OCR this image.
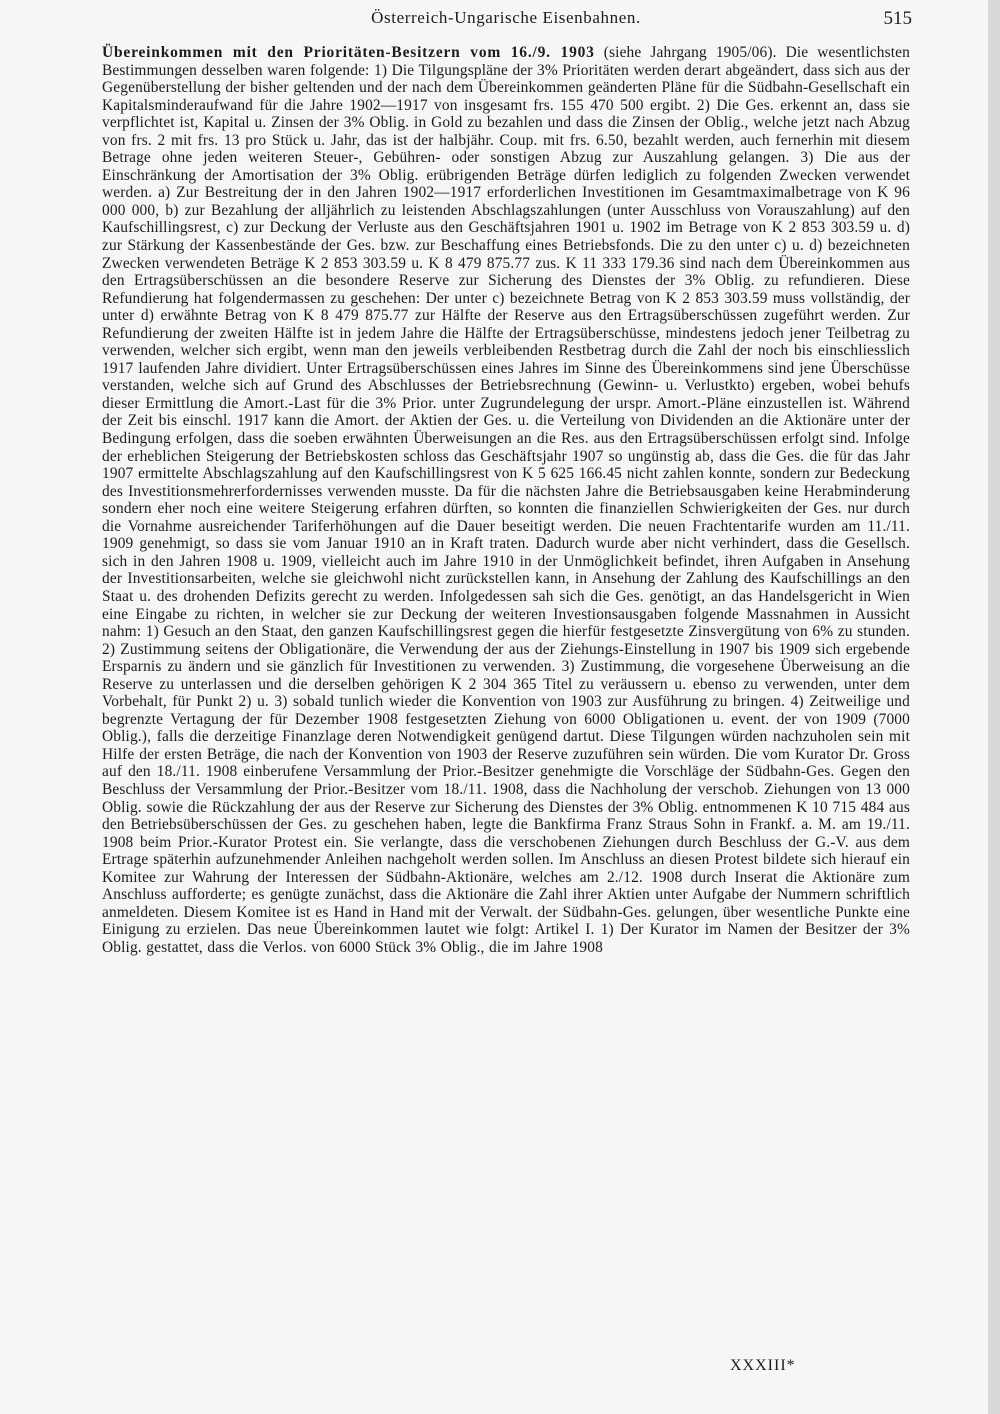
Österreich-Ungarische Eisenbahnen.	515

Übereinkommen mit den Prioritäten-Besitzern vom 16./9. 1903 (siehe Jahrgang 1905/06). Die wesentlichsten Bestimmungen desselben waren folgende: 1) Die Tilgungspläne der 3% Prioritäten werden derart abgeändert, dass sich aus der Gegenüberstellung der bisher geltenden und der nach dem Übereinkommen geänderten Pläne für die Südbahn-Gesellschaft ein Kapitalsminderaufwand für die Jahre 1902—1917 von insgesamt frs. 155 470 500 ergibt. 2) Die Ges. erkennt an, dass sie verpflichtet ist, Kapital u. Zinsen der 3% Oblig. in Gold zu bezahlen und dass die Zinsen der Oblig., welche jetzt nach Abzug von frs. 2 mit frs. 13 pro Stück u. Jahr, das ist der halbjähr. Coup. mit frs. 6.50, bezahlt werden, auch fernerhin mit diesem Betrage ohne jeden weiteren Steuer-, Gebühren- oder sonstigen Abzug zur Auszahlung gelangen. 3) Die aus der Einschränkung der Amortisation der 3% Oblig. erübrigenden Beträge dürfen lediglich zu folgenden Zwecken verwendet werden. a) Zur Bestreitung der in den Jahren 1902—1917 erforderlichen Investitionen im Gesamtmaximalbetrage von K 96 000 000, b) zur Bezahlung der alljährlich zu leistenden Abschlagszahlungen (unter Ausschluss von Vorauszahlung) auf den Kaufschillingsrest, c) zur Deckung der Verluste aus den Geschäftsjahren 1901 u. 1902 im Betrage von K 2 853 303.59 u. d) zur Stärkung der Kassenbestände der Ges. bzw. zur Beschaffung eines Betriebsfonds. Die zu den unter c) u. d) bezeichneten Zwecken verwendeten Beträge K 2 853 303.59 u. K 8 479 875.77 zus. K 11 333 179.36 sind nach dem Übereinkommen aus den Ertragsüberschüssen an die besondere Reserve zur Sicherung des Dienstes der 3% Oblig. zu refundieren. Diese Refundierung hat folgendermassen zu geschehen: Der unter c) bezeichnete Betrag von K 2 853 303.59 muss vollständig, der unter d) erwähnte Betrag von K 8 479 875.77 zur Hälfte der Reserve aus den Ertragsüberschüssen zugeführt werden. Zur Refundierung der zweiten Hälfte ist in jedem Jahre die Hälfte der Ertragsüberschüsse, mindestens jedoch jener Teilbetrag zu verwenden, welcher sich ergibt, wenn man den jeweils verbleibenden Restbetrag durch die Zahl der noch bis einschliesslich 1917 laufenden Jahre dividiert. Unter Ertragsüberschüssen eines Jahres im Sinne des Übereinkommens sind jene Überschüsse verstanden, welche sich auf Grund des Abschlusses der Betriebsrechnung (Gewinn- u. Verlustkto) ergeben, wobei behufs dieser Ermittlung die Amort.-Last für die 3% Prior. unter Zugrundelegung der urspr. Amort.-Pläne einzustellen ist. Während der Zeit bis einschl. 1917 kann die Amort. der Aktien der Ges. u. die Verteilung von Dividenden an die Aktionäre unter der Bedingung erfolgen, dass die soeben erwähnten Überweisungen an die Res. aus den Ertragsüberschüssen erfolgt sind. Infolge der erheblichen Steigerung der Betriebskosten schloss das Geschäftsjahr 1907 so ungünstig ab, dass die Ges. die für das Jahr 1907 ermittelte Abschlagszahlung auf den Kaufschillingsrest von K 5 625 166.45 nicht zahlen konnte, sondern zur Bedeckung des Investitionsmehrerfordernisses verwenden musste. Da für die nächsten Jahre die Betriebsausgaben keine Herabminderung sondern eher noch eine weitere Steigerung erfahren dürften, so konnten die finanziellen Schwierigkeiten der Ges. nur durch die Vornahme ausreichender Tariferhöhungen auf die Dauer beseitigt werden. Die neuen Frachtentarife wurden am 11./11. 1909 genehmigt, so dass sie vom Januar 1910 an in Kraft traten. Dadurch wurde aber nicht verhindert, dass die Gesellsch. sich in den Jahren 1908 u. 1909, vielleicht auch im Jahre 1910 in der Unmöglichkeit befindet, ihren Aufgaben in Ansehung der Investitionsarbeiten, welche sie gleichwohl nicht zurückstellen kann, in Ansehung der Zahlung des Kaufschillings an den Staat u. des drohenden Defizits gerecht zu werden. Infolgedessen sah sich die Ges. genötigt, an das Handelsgericht in Wien eine Eingabe zu richten, in welcher sie zur Deckung der weiteren Investionsausgaben folgende Massnahmen in Aussicht nahm: 1) Gesuch an den Staat, den ganzen Kaufschillingsrest gegen die hierfür festgesetzte Zinsvergütung von 6% zu stunden. 2) Zustimmung seitens der Obligationäre, die Verwendung der aus der Ziehungs-Einstellung in 1907 bis 1909 sich ergebende Ersparnis zu ändern und sie gänzlich für Investitionen zu verwenden. 3) Zustimmung, die vorgesehene Überweisung an die Reserve zu unterlassen und die derselben gehörigen K 2 304 365 Titel zu veräussern u. ebenso zu verwenden, unter dem Vorbehalt, für Punkt 2) u. 3) sobald tunlich wieder die Konvention von 1903 zur Ausführung zu bringen. 4) Zeitweilige und begrenzte Vertagung der für Dezember 1908 festgesetzten Ziehung von 6000 Obligationen u. event. der von 1909 (7000 Oblig.), falls die derzeitige Finanzlage deren Notwendigkeit genügend dartut. Diese Tilgungen würden nachzuholen sein mit Hilfe der ersten Beträge, die nach der Konvention von 1903 der Reserve zuzuführen sein würden. Die vom Kurator Dr. Gross auf den 18./11. 1908 einberufene Versammlung der Prior.-Besitzer genehmigte die Vorschläge der Südbahn-Ges. Gegen den Beschluss der Versammlung der Prior.-Besitzer vom 18./11. 1908, dass die Nachholung der verschob. Ziehungen von 13 000 Oblig. sowie die Rückzahlung der aus der Reserve zur Sicherung des Dienstes der 3% Oblig. entnommenen K 10 715 484 aus den Betriebsüberschüssen der Ges. zu geschehen haben, legte die Bankfirma Franz Straus Sohn in Frankf. a. M. am 19./11. 1908 beim Prior.-Kurator Protest ein. Sie verlangte, dass die verschobenen Ziehungen durch Beschluss der G.-V. aus dem Ertrage späterhin aufzunehmender Anleihen nachgeholt werden sollen. Im Anschluss an diesen Protest bildete sich hierauf ein Komitee zur Wahrung der Interessen der Südbahn-Aktionäre, welches am 2./12. 1908 durch Inserat die Aktionäre zum Anschluss aufforderte; es genügte zunächst, dass die Aktionäre die Zahl ihrer Aktien unter Aufgabe der Nummern schriftlich anmeldeten. Diesem Komitee ist es Hand in Hand mit der Verwalt. der Südbahn-Ges. gelungen, über wesentliche Punkte eine Einigung zu erzielen. Das neue Übereinkommen lautet wie folgt: Artikel I. 1) Der Kurator im Namen der Besitzer der 3% Oblig. gestattet, dass die Verlos. von 6000 Stück 3% Oblig., die im Jahre 1908

XXXIII*
